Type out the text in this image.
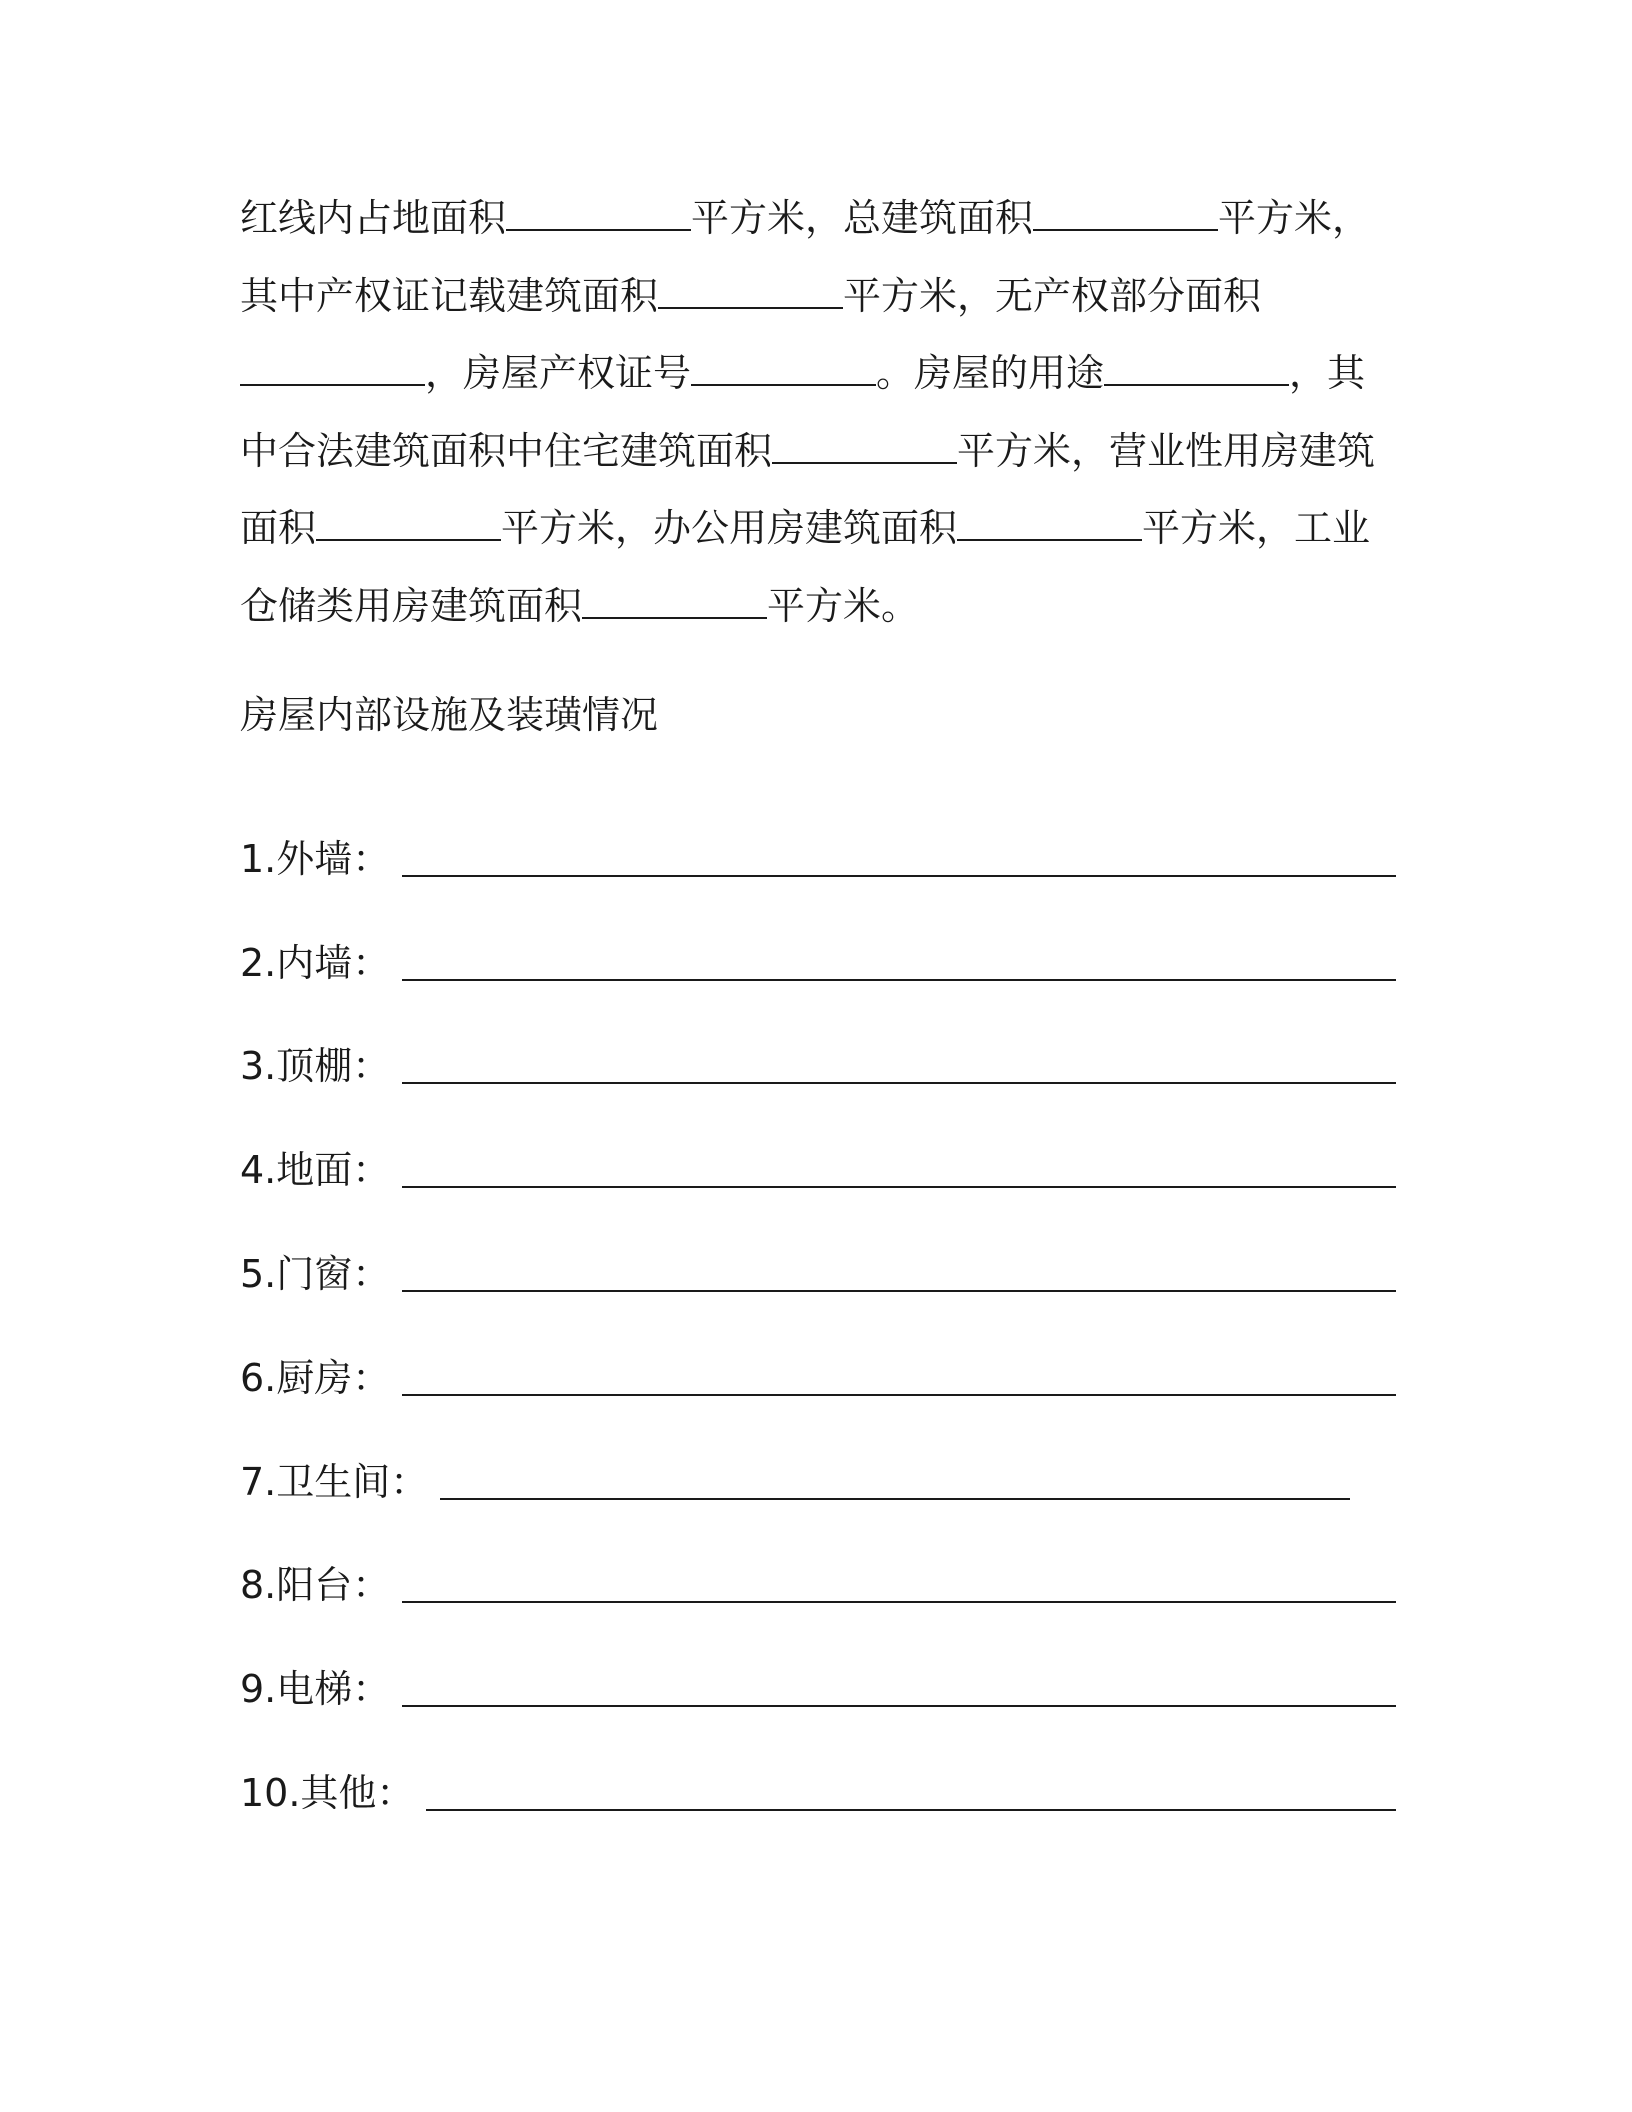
红线内占地面积	平方米，总建筑面积	平方米，
其中产权证记载建筑面积	平方米，无产权部分面积
，房屋产权证号	。房屋的用途	，其
中合法建筑面积中住宅建筑面积	平方米，营业性用房建筑
面积	平方米，办公用房建筑面积	平方米，工业
仓储类用房建筑面积	平方米。

房屋内部设施及装璜情况

1.外墙：
2.内墙：
3.顶棚：
4.地面：
5.门窗：
6.厨房：
7.卫生间：
8.阳台：
9.电梯：
10.其他：
